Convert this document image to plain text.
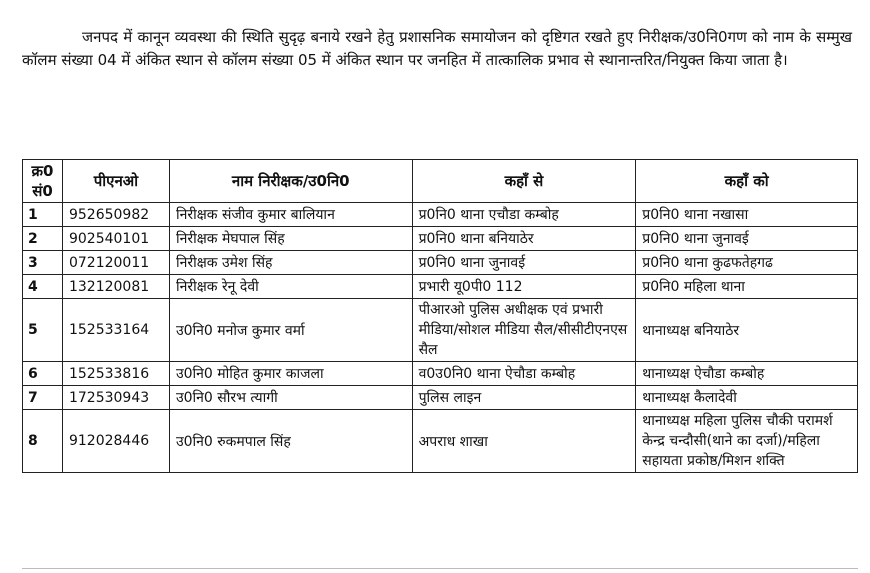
जनपद में कानून व्यवस्था की स्थिति सुदृढ़ बनाये रखने हेतु प्रशासनिक समायोजन को दृष्टिगत रखते हुए निरीक्षक/उ0नि0गण को नाम के सम्मुख कॉलम संख्या 04 में अंकित स्थान से कॉलम संख्या 05 में अंकित स्थान पर जनहित में तात्कालिक प्रभाव से स्थानान्तरित/नियुक्त किया जाता है।

क्र0 सं0	पीएनओ	नाम निरीक्षक/उ0नि0	कहाँ से	कहाँ को
1	952650982	निरीक्षक संजीव कुमार बालियान	प्र0नि0 थाना एचौडा कम्बोह	प्र0नि0 थाना नखासा
2	902540101	निरीक्षक मेघपाल सिंह	प्र0नि0 थाना बनियाठेर	प्र0नि0 थाना जुनावई
3	072120011	निरीक्षक उमेश सिंह	प्र0नि0 थाना जुनावई	प्र0नि0 थाना कुढफतेहगढ
4	132120081	निरीक्षक रेनू देवी	प्रभारी यू0पी0 112	प्र0नि0 महिला थाना
5	152533164	उ0नि0 मनोज कुमार वर्मा	पीआरओ पुलिस अधीक्षक एवं प्रभारी मीडिया/सोशल मीडिया सैल/सीसीटीएनएस सैल	थानाध्यक्ष बनियाठेर
6	152533816	उ0नि0 मोहित कुमार काजला	व0उ0नि0 थाना ऐचौडा कम्बोह	थानाध्यक्ष ऐचौडा कम्बोह
7	172530943	उ0नि0 सौरभ त्यागी	पुलिस लाइन	थानाध्यक्ष कैलादेवी
8	912028446	उ0नि0 रुकमपाल सिंह	अपराध शाखा	थानाध्यक्ष महिला पुलिस चौकी परामर्श केन्द्र चन्दौसी(थाने का दर्जा)/महिला सहायता प्रकोष्ठ/मिशन शक्ति
